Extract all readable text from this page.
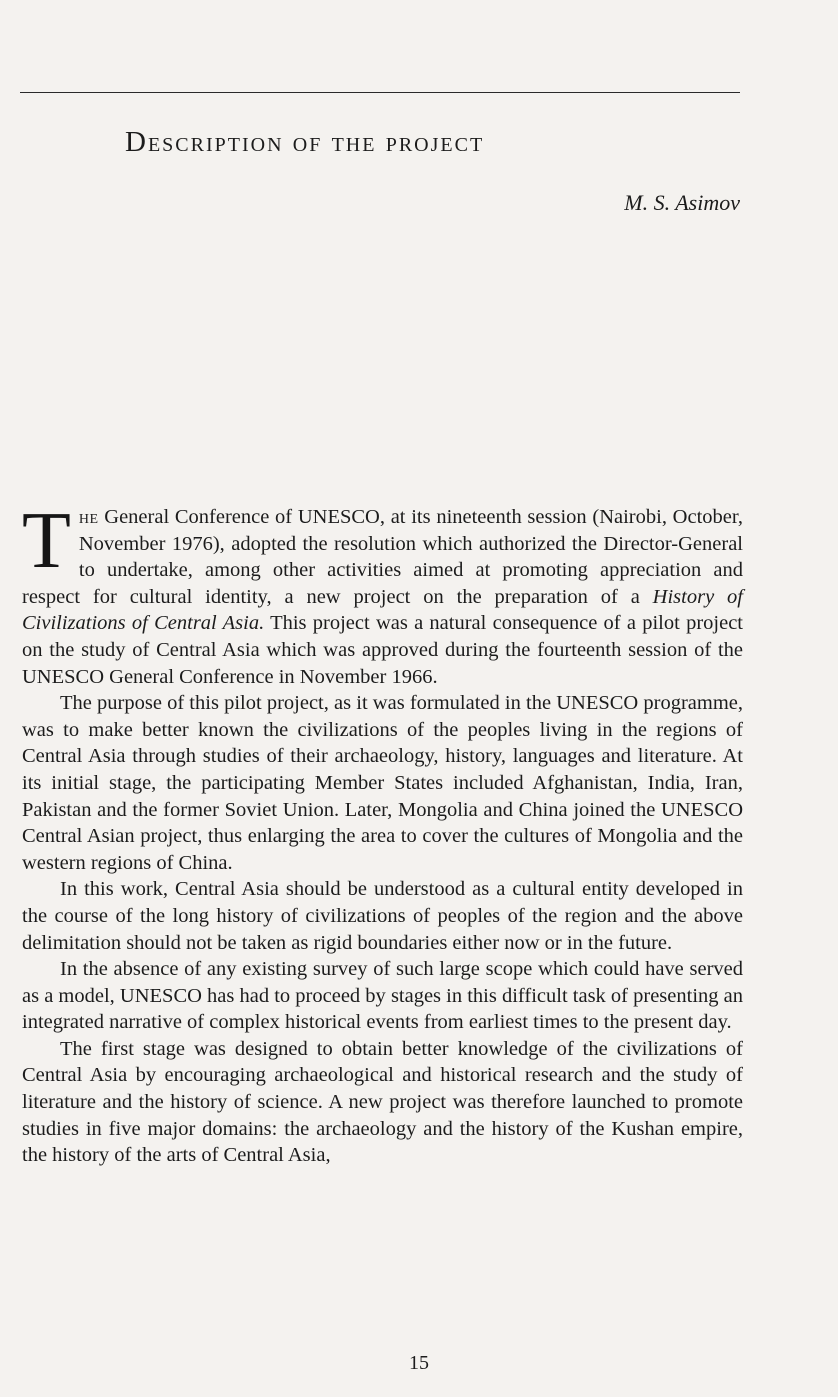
Description of the project
M. S. Asimov

The General Conference of UNESCO, at its nineteenth session (Nairobi, October, November 1976), adopted the resolution which authorized the Director-General to undertake, among other activities aimed at promoting appreciation and respect for cultural identity, a new project on the preparation of a History of Civilizations of Central Asia. This project was a natural consequence of a pilot project on the study of Central Asia which was approved during the fourteenth session of the UNESCO General Conference in November 1966.

The purpose of this pilot project, as it was formulated in the UNESCO programme, was to make better known the civilizations of the peoples living in the regions of Central Asia through studies of their archaeology, history, languages and literature. At its initial stage, the participating Member States included Afghanistan, India, Iran, Pakistan and the former Soviet Union. Later, Mongolia and China joined the UNESCO Central Asian project, thus enlarging the area to cover the cultures of Mongolia and the western regions of China.

In this work, Central Asia should be understood as a cultural entity developed in the course of the long history of civilizations of peoples of the region and the above delimitation should not be taken as rigid boundaries either now or in the future.

In the absence of any existing survey of such large scope which could have served as a model, UNESCO has had to proceed by stages in this difficult task of presenting an integrated narrative of complex historical events from earliest times to the present day.

The first stage was designed to obtain better knowledge of the civilizations of Central Asia by encouraging archaeological and historical research and the study of literature and the history of science. A new project was therefore launched to promote studies in five major domains: the archaeology and the history of the Kushan empire, the history of the arts of Central Asia,

15
